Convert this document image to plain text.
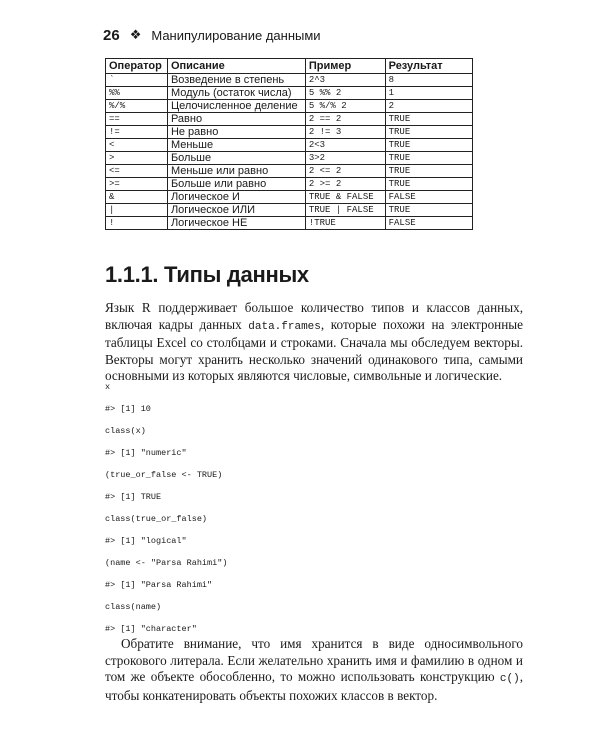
26 ❖ Манипулирование данными
Оператор	Описание	Пример	Результат
`	Возведение в степень	2^3	8
%%	Модуль (остаток числа)	5 %% 2	1
%/%	Целочисленное деление	5 %/% 2	2
==	Равно	2 == 2	TRUE
!=	Не равно	2 != 3	TRUE
<	Меньше	2<3	TRUE
>	Больше	3>2	TRUE
<=	Меньше или равно	2 <= 2	TRUE
>=	Больше или равно	2 >= 2	TRUE
&	Логическое И	TRUE & FALSE	FALSE
|	Логическое ИЛИ	TRUE | FALSE	TRUE
!	Логическое НЕ	!TRUE	FALSE
1.1.1. Типы данных
Язык R поддерживает большое количество типов и классов данных, включая кадры данных data.frames, которые похожи на электронные таблицы Excel со столбцами и строками. Сначала мы обследуем векторы. Векторы могут хранить несколько значений одинакового типа, самыми основными из которых являются числовые, символьные и логические.
x
#> [1] 10
class(x)
#> [1] "numeric"
(true_or_false <- TRUE)
#> [1] TRUE
class(true_or_false)
#> [1] "logical"
(name <- "Parsa Rahimi")
#> [1] "Parsa Rahimi"
class(name)
#> [1] "character"
Обратите внимание, что имя хранится в виде односимвольного строкового литерала. Если желательно хранить имя и фамилию в одном и том же объекте обособленно, то можно использовать конструкцию c(), чтобы конкатенировать объекты похожих классов в вектор.
